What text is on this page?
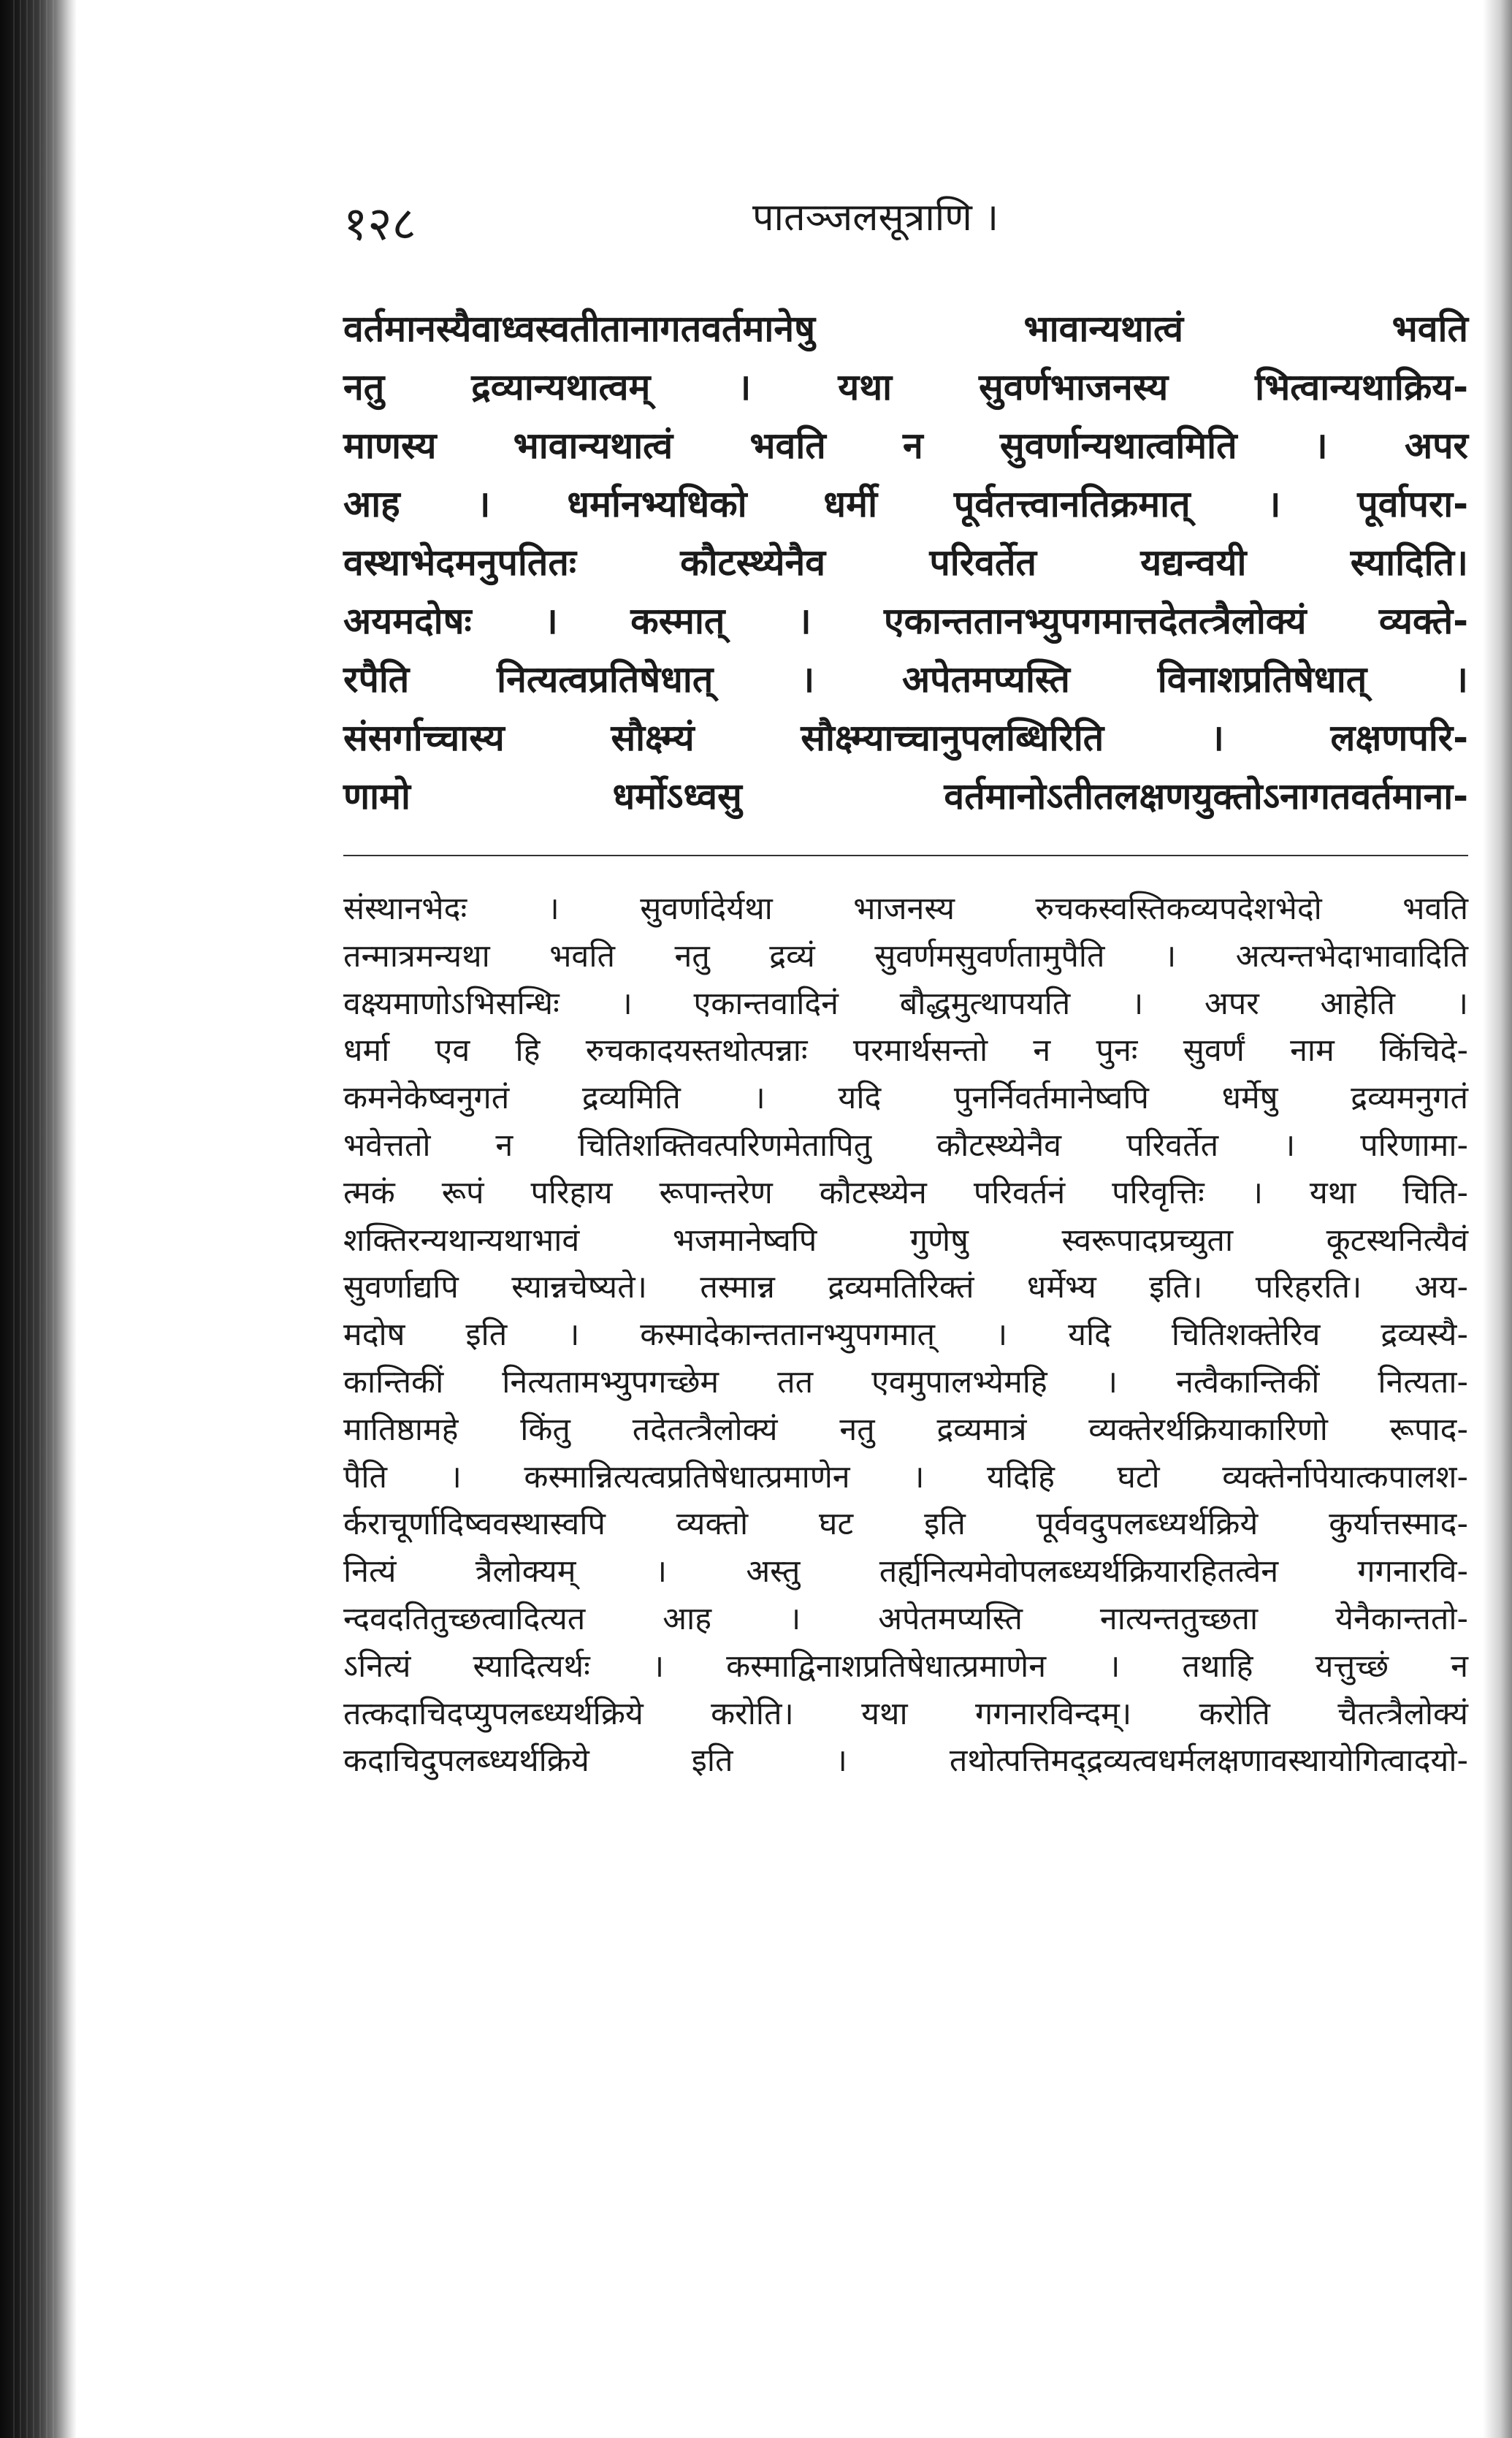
१२८	पातञ्जलसूत्राणि ।
वर्तमानस्यैवाध्वस्वतीतानागतवर्तमानेषु भावान्यथात्वं भवति
नतु द्रव्यान्यथात्वम् । यथा सुवर्णभाजनस्य भित्वान्यथाक्रिय-
माणस्य भावान्यथात्वं भवति न सुवर्णान्यथात्वमिति । अपर
आह । धर्मानभ्यधिको धर्मी पूर्वतत्त्वानतिक्रमात् । पूर्वापरा-
वस्थाभेदमनुपतितः कौटस्थ्येनैव परिवर्तेत यद्यन्वयी स्यादिति।
अयमदोषः । कस्मात् । एकान्ततानभ्युपगमात्तदेतत्त्रैलोक्यं व्यक्ते-
रपैति नित्यत्वप्रतिषेधात् । अपेतमप्यस्ति विनाशप्रतिषेधात् ।
संसर्गाच्चास्य सौक्ष्म्यं सौक्ष्म्याच्चानुपलब्धिरिति । लक्षणपरि-
णामो धर्मोऽध्वसु वर्तमानोऽतीतलक्षणयुक्तोऽनागतवर्तमाना-
संस्थानभेदः । सुवर्णादेर्यथा भाजनस्य रुचकस्वस्तिकव्यपदेशभेदो भवति
तन्मात्रमन्यथा भवति नतु द्रव्यं सुवर्णमसुवर्णतामुपैति । अत्यन्तभेदाभावादिति
वक्ष्यमाणोऽभिसन्धिः । एकान्तवादिनं बौद्धमुत्थापयति । अपर आहेति ।
धर्मा एव हि रुचकादयस्तथोत्पन्नाः परमार्थसन्तो न पुनः सुवर्णं नाम किंचिदे-
कमनेकेष्वनुगतं द्रव्यमिति । यदि पुनर्निवर्तमानेष्वपि धर्मेषु द्रव्यमनुगतं
भवेत्ततो न चितिशक्तिवत्परिणमेतापितु कौटस्थ्येनैव परिवर्तेत । परिणामा-
त्मकं रूपं परिहाय रूपान्तरेण कौटस्थ्येन परिवर्तनं परिवृत्तिः । यथा चिति-
शक्तिरन्यथान्यथाभावं भजमानेष्वपि गुणेषु स्वरूपादप्रच्युता कूटस्थनित्यैवं
सुवर्णाद्यपि स्यान्नचेष्यते। तस्मान्न द्रव्यमतिरिक्तं धर्मेभ्य इति। परिहरति। अय-
मदोष इति । कस्मादेकान्ततानभ्युपगमात् । यदि चितिशक्तेरिव द्रव्यस्यै-
कान्तिकीं नित्यतामभ्युपगच्छेम तत एवमुपालभ्येमहि । नत्वैकान्तिकीं नित्यता-
मातिष्ठामहे किंतु तदेतत्त्रैलोक्यं नतु द्रव्यमात्रं व्यक्तेरर्थक्रियाकारिणो रूपाद-
पैति । कस्मान्नित्यत्वप्रतिषेधात्प्रमाणेन । यदिहि घटो व्यक्तेर्नापेयात्कपालश-
र्कराचूर्णादिष्ववस्थास्वपि व्यक्तो घट इति पूर्ववदुपलब्ध्यर्थक्रिये कुर्यात्तस्माद-
नित्यं त्रैलोक्यम् । अस्तु तर्ह्यनित्यमेवोपलब्ध्यर्थक्रियारहितत्वेन गगनारवि-
न्दवदतितुच्छत्वादित्यत आह । अपेतमप्यस्ति नात्यन्ततुच्छता येनैकान्ततो-
ऽनित्यं स्यादित्यर्थः । कस्माद्विनाशप्रतिषेधात्प्रमाणेन । तथाहि यत्तुच्छं न
तत्कदाचिदप्युपलब्ध्यर्थक्रिये करोति। यथा गगनारविन्दम्। करोति चैतत्त्रैलोक्यं
कदाचिदुपलब्ध्यर्थक्रिये इति । तथोत्पत्तिमद्द्रव्यत्वधर्मलक्षणावस्थायोगित्वादयो-
